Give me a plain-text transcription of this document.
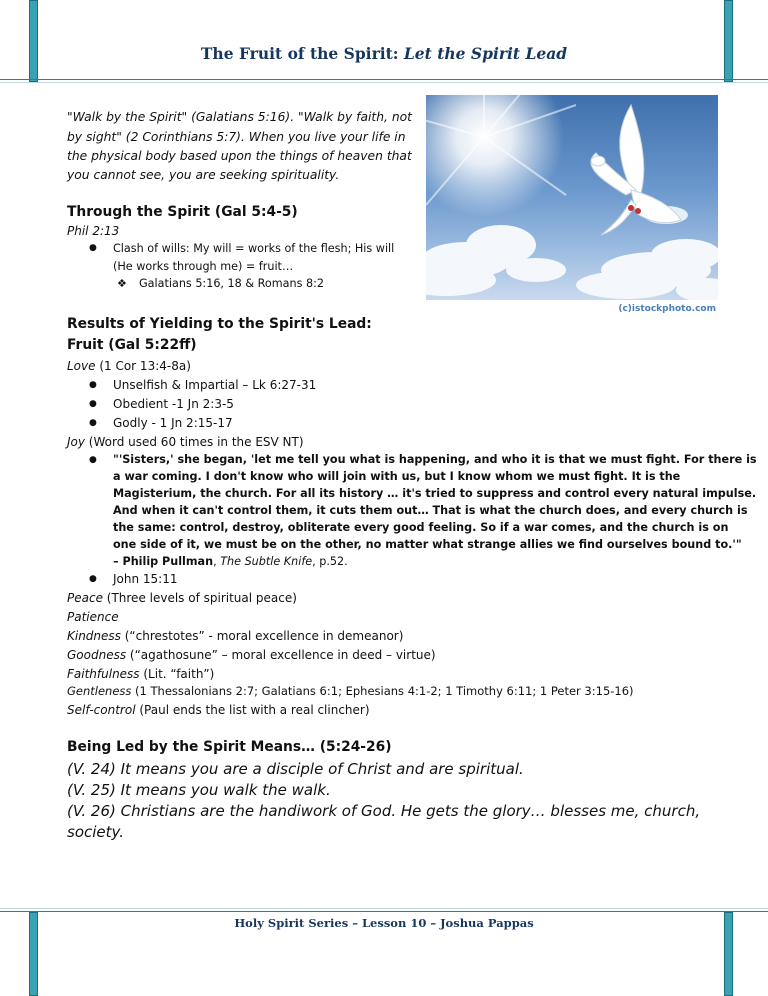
The Fruit of the Spirit: Let the Spirit Lead
"Walk by the Spirit" (Galatians 5:16). "Walk by faith, not
by sight" (2 Corinthians 5:7). When you live your life in
the physical body based upon the things of heaven that
you cannot see, you are seeking spirituality.
(c)istockphoto.com
Through the Spirit (Gal 5:4-5)
Phil 2:13
● Clash of wills: My will = works of the flesh; His will
(He works through me) = fruit…
❖ Galatians 5:16, 18 & Romans 8:2
Results of Yielding to the Spirit's Lead:
Fruit (Gal 5:22ff)
Love (1 Cor 13:4-8a)
● Unselfish & Impartial – Lk 6:27-31
● Obedient -1 Jn 2:3-5
● Godly - 1 Jn 2:15-17
Joy (Word used 60 times in the ESV NT)
● "'Sisters,' she began, 'let me tell you what is happening, and who it is that we must fight. For there is
a war coming. I don't know who will join with us, but I know whom we must fight. It is the
Magisterium, the church. For all its history … it's tried to suppress and control every natural impulse.
And when it can't control them, it cuts them out… That is what the church does, and every church is
the same: control, destroy, obliterate every good feeling. So if a war comes, and the church is on
one side of it, we must be on the other, no matter what strange allies we find ourselves bound to.'"
– Philip Pullman, The Subtle Knife, p.52.
● John 15:11
Peace (Three levels of spiritual peace)
Patience
Kindness (“chrestotes” - moral excellence in demeanor)
Goodness (“agathosune” – moral excellence in deed – virtue)
Faithfulness (Lit. “faith”)
Gentleness (1 Thessalonians 2:7; Galatians 6:1; Ephesians 4:1-2; 1 Timothy 6:11; 1 Peter 3:15-16)
Self-control (Paul ends the list with a real clincher)
Being Led by the Spirit Means… (5:24-26)
(V. 24) It means you are a disciple of Christ and are spiritual.
(V. 25) It means you walk the walk.
(V. 26) Christians are the handiwork of God. He gets the glory… blesses me, church,
society.
Holy Spirit Series – Lesson 10 – Joshua Pappas
